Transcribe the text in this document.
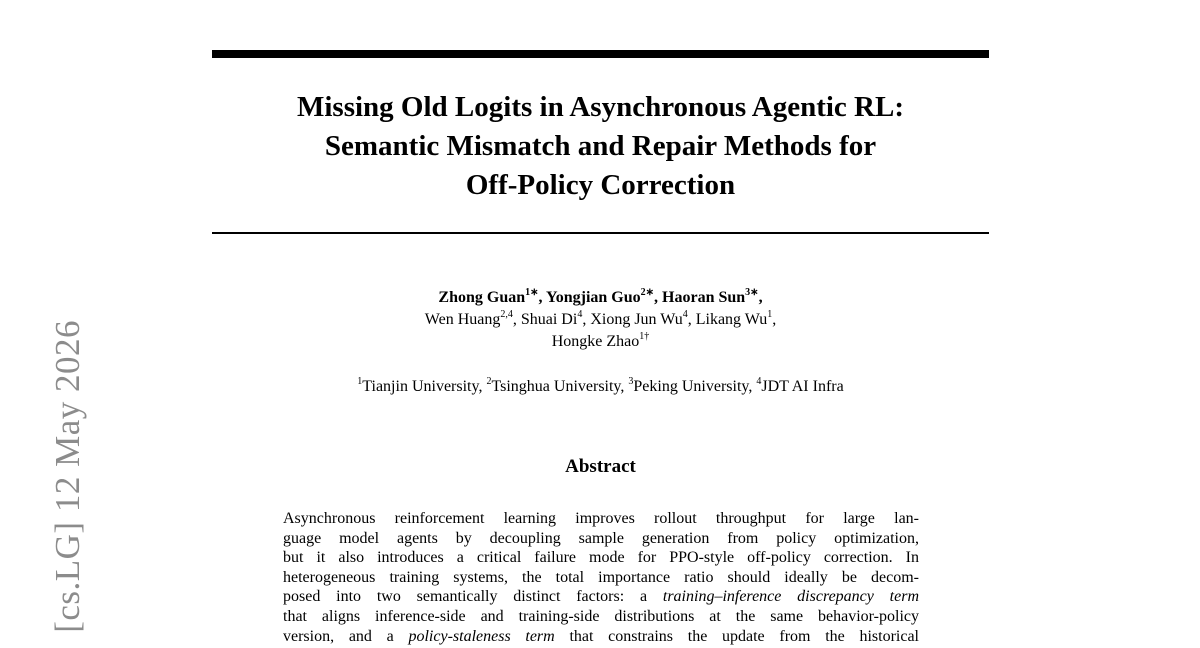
Missing Old Logits in Asynchronous Agentic RL:
Semantic Mismatch and Repair Methods for
Off-Policy Correction
Zhong Guan$^{1∗}$, Yongjian Guo$^{2∗}$, Haoran Sun$^{3∗}$,
Wen Huang$^{2,4}$, Shuai Di$^4$, Xiong Jun Wu$^4$, Likang Wu$^1$,
Hongke Zhao$^{1\dagger}$
$^1$Tianjin University, $^2$Tsinghua University, $^3$Peking University, $^4$JDT AI Infra
Abstract
Asynchronous reinforcement learning improves rollout throughput for large lan-
guage model agents by decoupling sample generation from policy optimization,
but it also introduces a critical failure mode for PPO-style off-policy correction. In
heterogeneous training systems, the total importance ratio should ideally be decom-
posed into two semantically distinct factors: a training–inference discrepancy term
that aligns inference-side and training-side distributions at the same behavior-policy
version, and a policy-staleness term that constrains the update from the historical
[cs.LG] 12 May 2026
